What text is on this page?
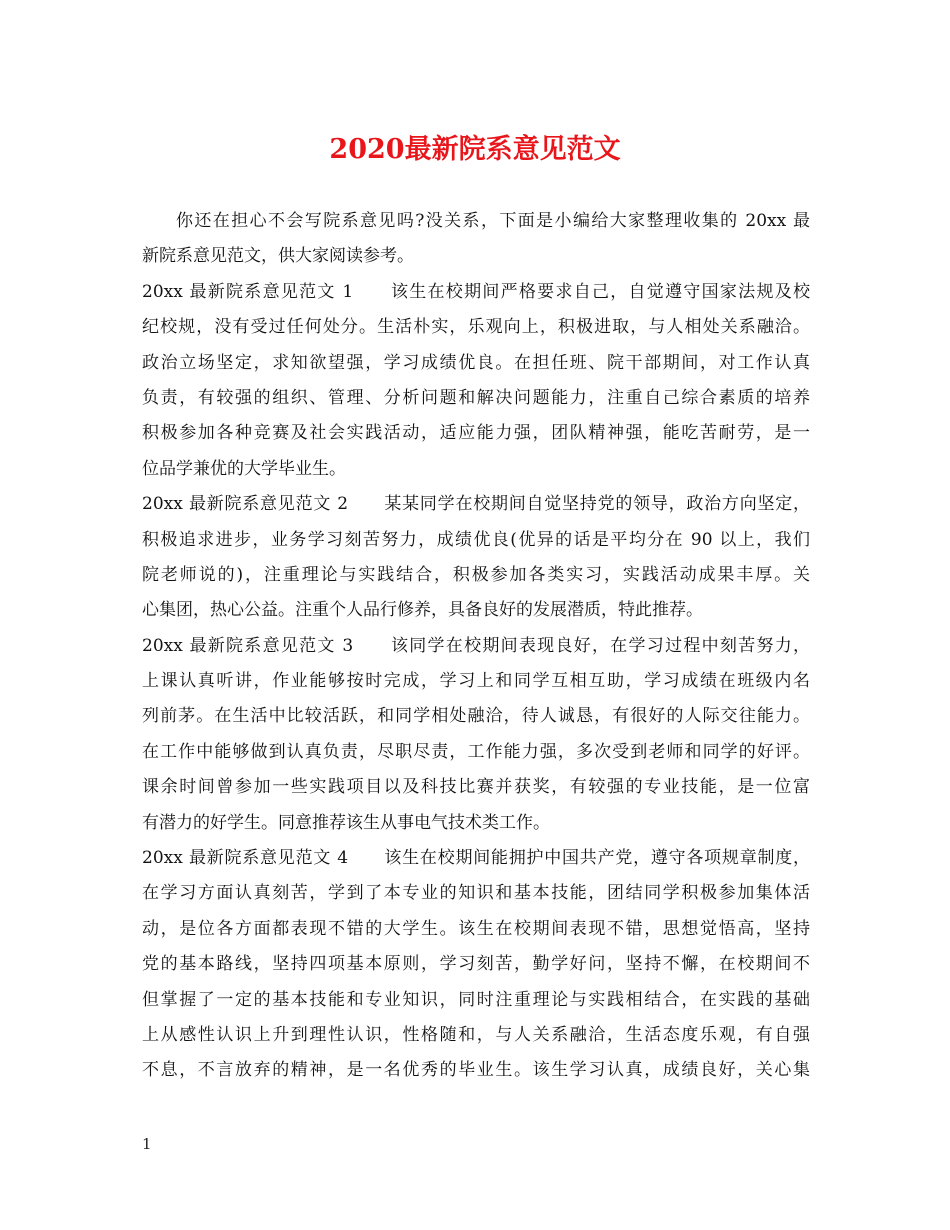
2020最新院系意见范文
你还在担心不会写院系意见吗?没关系，下面是小编给大家整理收集的 20xx 最
新院系意见范文，供大家阅读参考。
20xx 最新院系意见范文 1　　该生在校期间严格要求自己，自觉遵守国家法规及校
纪校规，没有受过任何处分。生活朴实，乐观向上，积极进取，与人相处关系融洽。
政治立场坚定，求知欲望强，学习成绩优良。在担任班、院干部期间，对工作认真
负责，有较强的组织、管理、分析问题和解决问题能力，注重自己综合素质的培养
积极参加各种竞赛及社会实践活动，适应能力强，团队精神强，能吃苦耐劳，是一
位品学兼优的大学毕业生。
20xx 最新院系意见范文 2　　某某同学在校期间自觉坚持党的领导，政治方向坚定，
积极追求进步，业务学习刻苦努力，成绩优良(优异的话是平均分在 90 以上，我们
院老师说的)，注重理论与实践结合，积极参加各类实习，实践活动成果丰厚。关
心集团，热心公益。注重个人品行修养，具备良好的发展潜质，特此推荐。
20xx 最新院系意见范文 3　　该同学在校期间表现良好，在学习过程中刻苦努力，
上课认真听讲，作业能够按时完成，学习上和同学互相互助，学习成绩在班级内名
列前茅。在生活中比较活跃，和同学相处融洽，待人诚恳，有很好的人际交往能力。
在工作中能够做到认真负责，尽职尽责，工作能力强，多次受到老师和同学的好评。
课余时间曾参加一些实践项目以及科技比赛并获奖，有较强的专业技能，是一位富
有潜力的好学生。同意推荐该生从事电气技术类工作。
20xx 最新院系意见范文 4　　该生在校期间能拥护中国共产党，遵守各项规章制度，
在学习方面认真刻苦，学到了本专业的知识和基本技能，团结同学积极参加集体活
动，是位各方面都表现不错的大学生。该生在校期间表现不错，思想觉悟高，坚持
党的基本路线，坚持四项基本原则，学习刻苦，勤学好问，坚持不懈，在校期间不
但掌握了一定的基本技能和专业知识，同时注重理论与实践相结合，在实践的基础
上从感性认识上升到理性认识，性格随和，与人关系融洽，生活态度乐观，有自强
不息，不言放弃的精神，是一名优秀的毕业生。该生学习认真，成绩良好，关心集
1
